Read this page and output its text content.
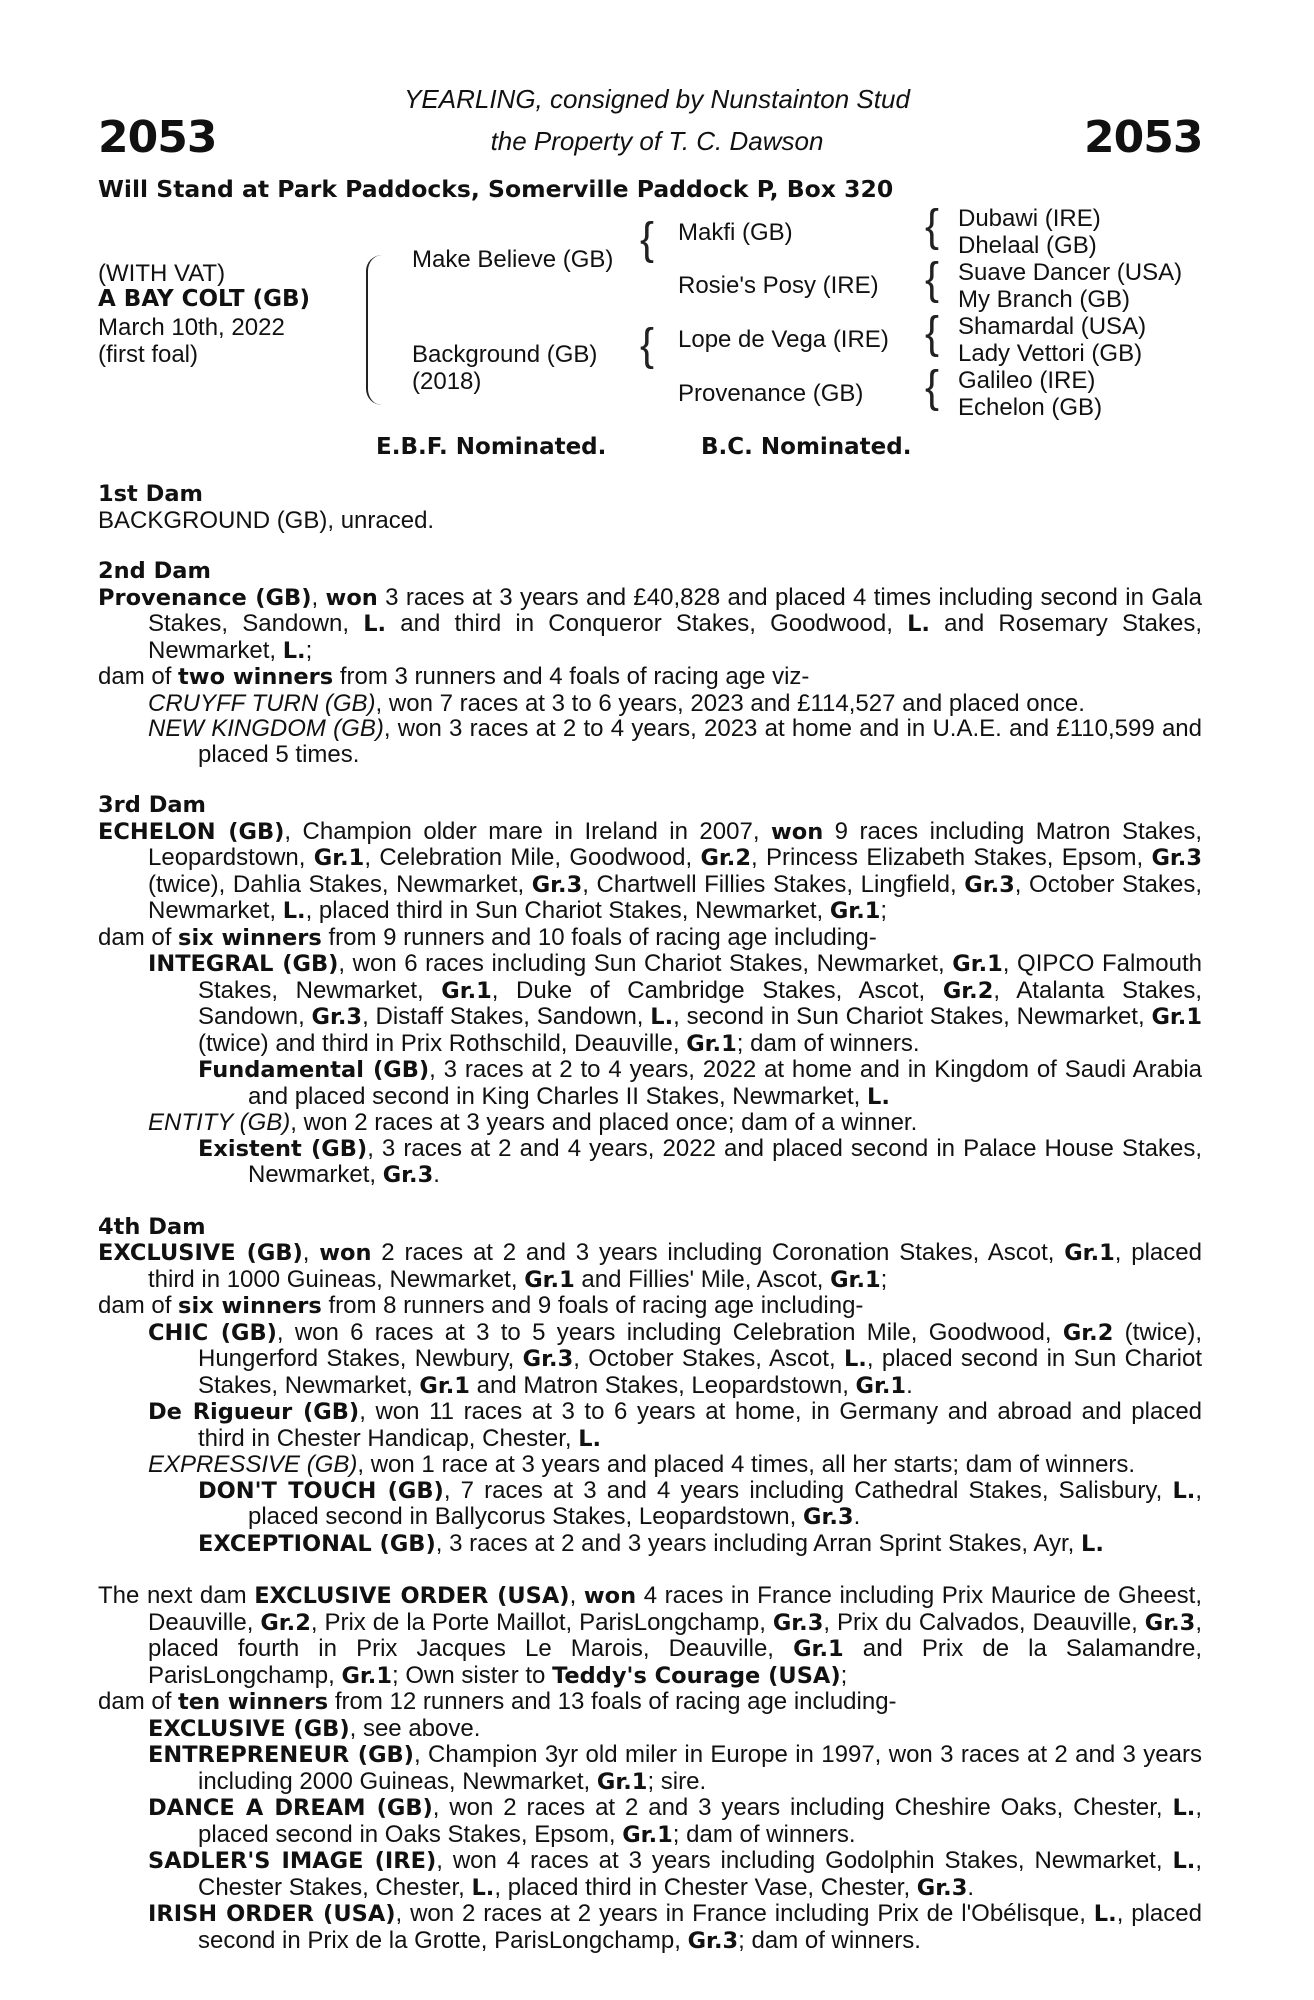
2053	2053
YEARLING, consigned by Nunstainton Stud
the Property of T. C. Dawson
Will Stand at Park Paddocks, Somerville Paddock P, Box 320
(WITH VAT)
A BAY COLT (GB)
March 10th, 2022
(first foal)
Make Believe (GB)
Background (GB)
(2018)
{
{
Makfi (GB)
Rosie's Posy (IRE)
Lope de Vega (IRE)
Provenance (GB)
{
{
{
{
Dubawi (IRE)
Dhelaal (GB)
Suave Dancer (USA)
My Branch (GB)
Shamardal (USA)
Lady Vettori (GB)
Galileo (IRE)
Echelon (GB)
E.B.F. Nominated.	B.C. Nominated.
1st Dam
BACKGROUND (GB), unraced.
2nd Dam
Provenance (GB), won 3 races at 3 years and £40,828 and placed 4 times including second in Gala Stakes, Sandown, L. and third in Conqueror Stakes, Goodwood, L. and Rosemary Stakes, Newmarket, L.;
dam of two winners from 3 runners and 4 foals of racing age viz-
CRUYFF TURN (GB), won 7 races at 3 to 6 years, 2023 and £114,527 and placed once.
NEW KINGDOM (GB), won 3 races at 2 to 4 years, 2023 at home and in U.A.E. and £110,599 and placed 5 times.
3rd Dam
ECHELON (GB), Champion older mare in Ireland in 2007, won 9 races including Matron Stakes, Leopardstown, Gr.1, Celebration Mile, Goodwood, Gr.2, Princess Elizabeth Stakes, Epsom, Gr.3 (twice), Dahlia Stakes, Newmarket, Gr.3, Chartwell Fillies Stakes, Lingfield, Gr.3, October Stakes, Newmarket, L., placed third in Sun Chariot Stakes, Newmarket, Gr.1;
dam of six winners from 9 runners and 10 foals of racing age including-
INTEGRAL (GB), won 6 races including Sun Chariot Stakes, Newmarket, Gr.1, QIPCO Falmouth Stakes, Newmarket, Gr.1, Duke of Cambridge Stakes, Ascot, Gr.2, Atalanta Stakes, Sandown, Gr.3, Distaff Stakes, Sandown, L., second in Sun Chariot Stakes, Newmarket, Gr.1 (twice) and third in Prix Rothschild, Deauville, Gr.1; dam of winners.
Fundamental (GB), 3 races at 2 to 4 years, 2022 at home and in Kingdom of Saudi Arabia and placed second in King Charles II Stakes, Newmarket, L.
ENTITY (GB), won 2 races at 3 years and placed once; dam of a winner.
Existent (GB), 3 races at 2 and 4 years, 2022 and placed second in Palace House Stakes, Newmarket, Gr.3.
4th Dam
EXCLUSIVE (GB), won 2 races at 2 and 3 years including Coronation Stakes, Ascot, Gr.1, placed third in 1000 Guineas, Newmarket, Gr.1 and Fillies' Mile, Ascot, Gr.1;
dam of six winners from 8 runners and 9 foals of racing age including-
CHIC (GB), won 6 races at 3 to 5 years including Celebration Mile, Goodwood, Gr.2 (twice), Hungerford Stakes, Newbury, Gr.3, October Stakes, Ascot, L., placed second in Sun Chariot Stakes, Newmarket, Gr.1 and Matron Stakes, Leopardstown, Gr.1.
De Rigueur (GB), won 11 races at 3 to 6 years at home, in Germany and abroad and placed third in Chester Handicap, Chester, L.
EXPRESSIVE (GB), won 1 race at 3 years and placed 4 times, all her starts; dam of winners.
DON'T TOUCH (GB), 7 races at 3 and 4 years including Cathedral Stakes, Salisbury, L., placed second in Ballycorus Stakes, Leopardstown, Gr.3.
EXCEPTIONAL (GB), 3 races at 2 and 3 years including Arran Sprint Stakes, Ayr, L.
The next dam EXCLUSIVE ORDER (USA), won 4 races in France including Prix Maurice de Gheest, Deauville, Gr.2, Prix de la Porte Maillot, ParisLongchamp, Gr.3, Prix du Calvados, Deauville, Gr.3, placed fourth in Prix Jacques Le Marois, Deauville, Gr.1 and Prix de la Salamandre, ParisLongchamp, Gr.1; Own sister to Teddy's Courage (USA);
dam of ten winners from 12 runners and 13 foals of racing age including-
EXCLUSIVE (GB), see above.
ENTREPRENEUR (GB), Champion 3yr old miler in Europe in 1997, won 3 races at 2 and 3 years including 2000 Guineas, Newmarket, Gr.1; sire.
DANCE A DREAM (GB), won 2 races at 2 and 3 years including Cheshire Oaks, Chester, L., placed second in Oaks Stakes, Epsom, Gr.1; dam of winners.
SADLER'S IMAGE (IRE), won 4 races at 3 years including Godolphin Stakes, Newmarket, L., Chester Stakes, Chester, L., placed third in Chester Vase, Chester, Gr.3.
IRISH ORDER (USA), won 2 races at 2 years in France including Prix de l'Obélisque, L., placed second in Prix de la Grotte, ParisLongchamp, Gr.3; dam of winners.
